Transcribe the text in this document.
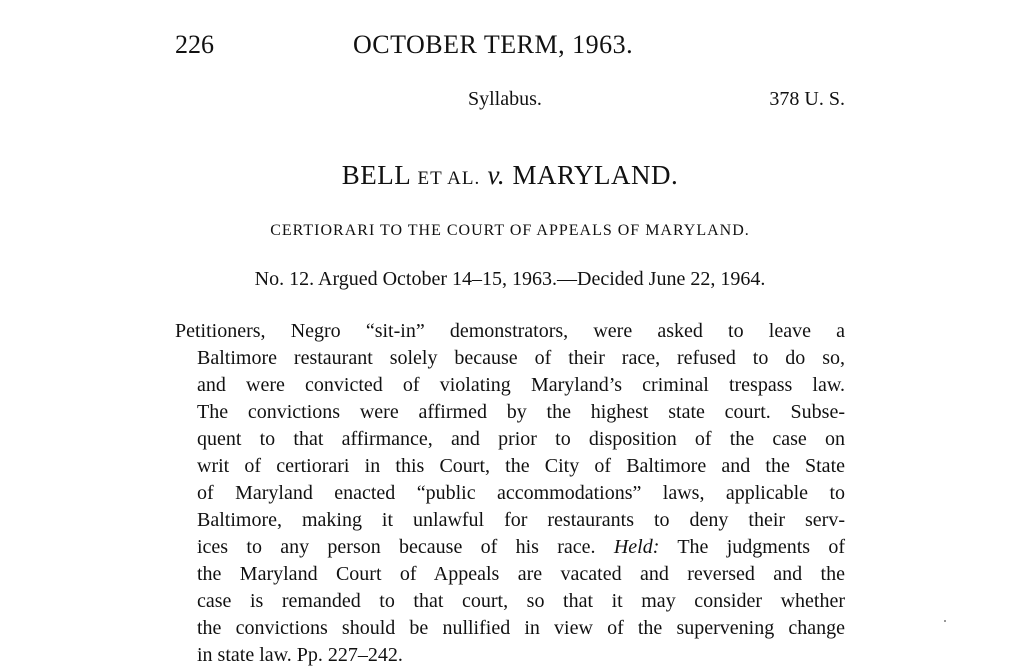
226	OCTOBER TERM, 1963.
Syllabus.	378 U. S.
BELL ET AL. v. MARYLAND.
CERTIORARI TO THE COURT OF APPEALS OF MARYLAND.
No. 12. Argued October 14–15, 1963.—Decided June 22, 1964.
Petitioners, Negro “sit-in” demonstrators, were asked to leave a
Baltimore restaurant solely because of their race, refused to do so,
and were convicted of violating Maryland’s criminal trespass law.
The convictions were affirmed by the highest state court. Subse-
quent to that affirmance, and prior to disposition of the case on
writ of certiorari in this Court, the City of Baltimore and the State
of Maryland enacted “public accommodations” laws, applicable to
Baltimore, making it unlawful for restaurants to deny their serv-
ices to any person because of his race. Held: The judgments of
the Maryland Court of Appeals are vacated and reversed and the
case is remanded to that court, so that it may consider whether
the convictions should be nullified in view of the supervening change
in state law. Pp. 227–242.
